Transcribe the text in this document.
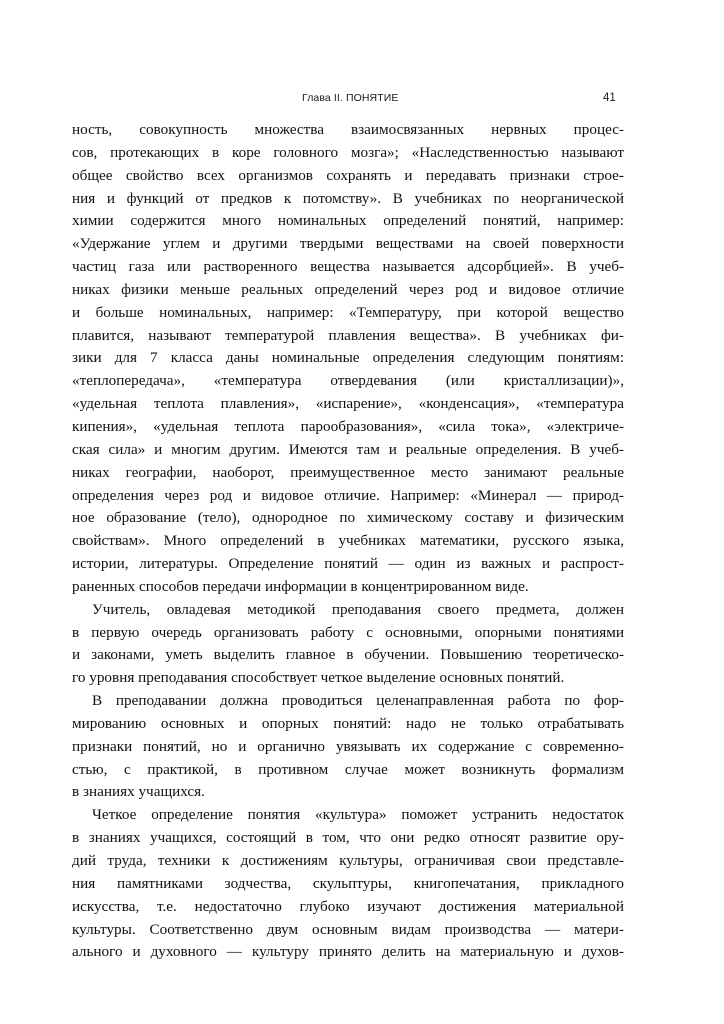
Глава II. ПОНЯТИЕ	41
ность, совокупность множества взаимосвязанных нервных процес-
сов, протекающих в коре головного мозга»; «Наследственностью называют
общее свойство всех организмов сохранять и передавать признаки строе-
ния и функций от предков к потомству». В учебниках по неорганической
химии содержится много номинальных определений понятий, например:
«Удержание углем и другими твердыми веществами на своей поверхности
частиц газа или растворенного вещества называется адсорбцией». В учеб-
никах физики меньше реальных определений через род и видовое отличие
и больше номинальных, например: «Температуру, при которой вещество
плавится, называют температурой плавления вещества». В учебниках фи-
зики для 7 класса даны номинальные определения следующим понятиям:
«теплопередача», «температура отвердевания (или кристаллизации)»,
«удельная теплота плавления», «испарение», «конденсация», «температура
кипения», «удельная теплота парообразования», «сила тока», «электриче-
ская сила» и многим другим. Имеются там и реальные определения. В учеб-
никах географии, наоборот, преимущественное место занимают реальные
определения через род и видовое отличие. Например: «Минерал — природ-
ное образование (тело), однородное по химическому составу и физическим
свойствам». Много определений в учебниках математики, русского языка,
истории, литературы. Определение понятий — один из важных и распрост-
раненных способов передачи информации в концентрированном виде.
Учитель, овладевая методикой преподавания своего предмета, должен
в первую очередь организовать работу с основными, опорными понятиями
и законами, уметь выделить главное в обучении. Повышению теоретическо-
го уровня преподавания способствует четкое выделение основных понятий.
В преподавании должна проводиться целенаправленная работа по фор-
мированию основных и опорных понятий: надо не только отрабатывать
признаки понятий, но и органично увязывать их содержание с современно-
стью, с практикой, в противном случае может возникнуть формализм
в знаниях учащихся.
Четкое определение понятия «культура» поможет устранить недостаток
в знаниях учащихся, состоящий в том, что они редко относят развитие ору-
дий труда, техники к достижениям культуры, ограничивая свои представле-
ния памятниками зодчества, скульптуры, книгопечатания, прикладного
искусства, т.е. недостаточно глубоко изучают достижения материальной
культуры. Соответственно двум основным видам производства — матери-
ального и духовного — культуру принято делить на материальную и духов-
